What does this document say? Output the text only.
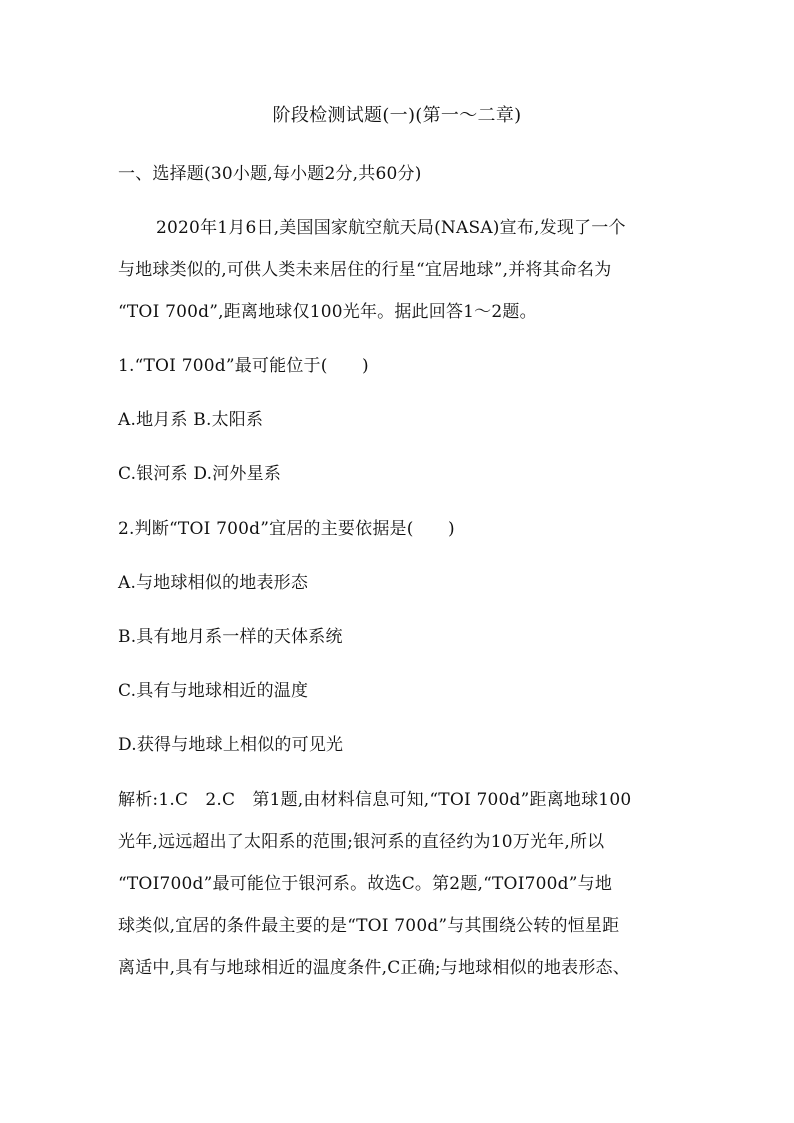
阶段检测试题(一)(第一～二章)
一、选择题(30小题,每小题2分,共60分)
2020年1月6日,美国国家航空航天局(NASA)宣布,发现了一个
与地球类似的,可供人类未来居住的行星“宜居地球”,并将其命名为
“TOI 700d”,距离地球仅100光年。据此回答1～2题。
1.“TOI 700d”最可能位于(　　)
A.地月系 B.太阳系
C.银河系 D.河外星系
2.判断“TOI 700d”宜居的主要依据是(　　)
A.与地球相似的地表形态
B.具有地月系一样的天体系统
C.具有与地球相近的温度
D.获得与地球上相似的可见光
解析:1.C　2.C　第1题,由材料信息可知,“TOI 700d”距离地球100
光年,远远超出了太阳系的范围;银河系的直径约为10万光年,所以
“TOI700d”最可能位于银河系。故选C。第2题,“TOI700d”与地
球类似,宜居的条件最主要的是“TOI 700d”与其围绕公转的恒星距
离适中,具有与地球相近的温度条件,C正确;与地球相似的地表形态、
